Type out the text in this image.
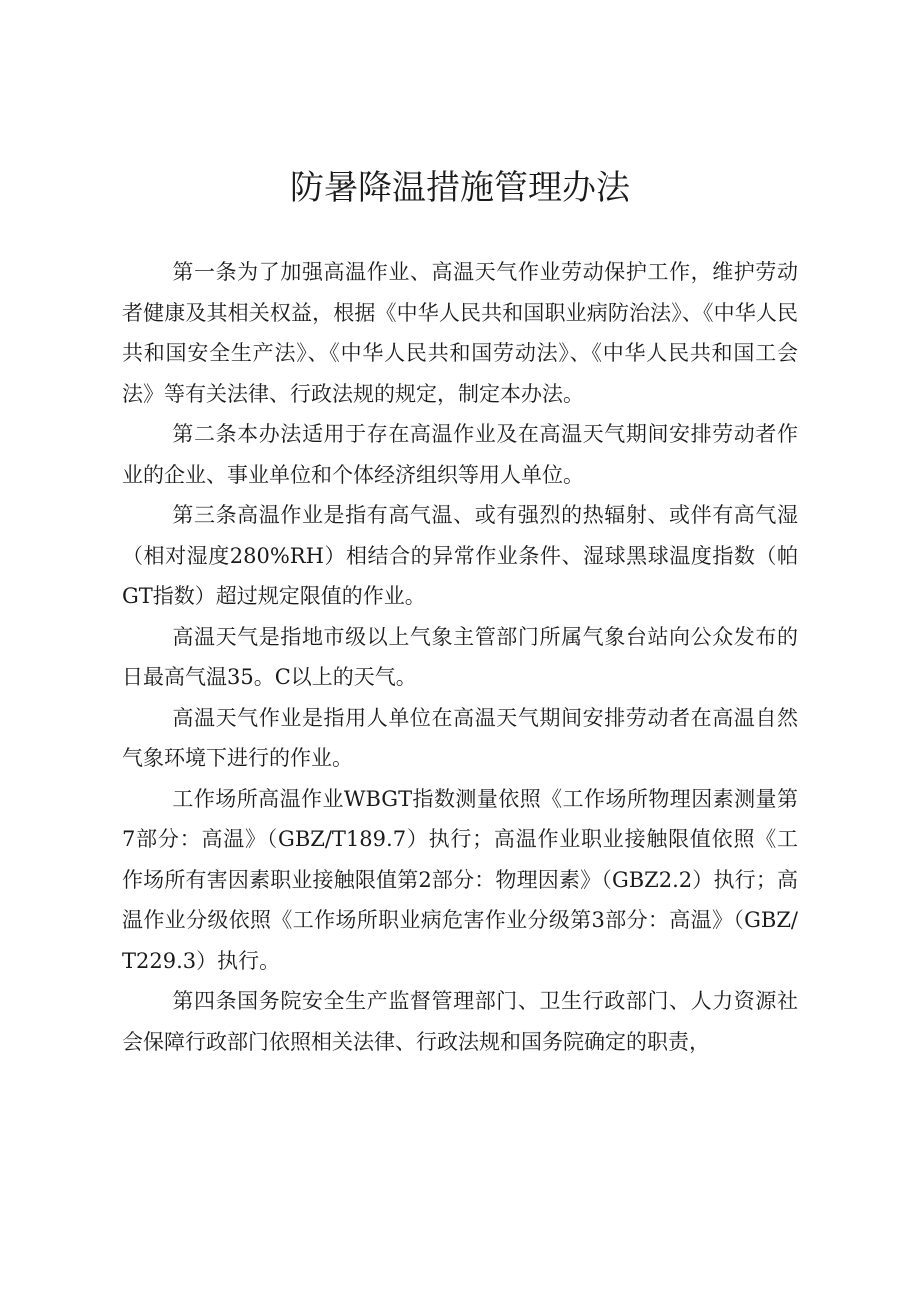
防暑降温措施管理办法

第一条为了加强高温作业、高温天气作业劳动保护工作，维护劳动者健康及其相关权益，根据《中华人民共和国职业病防治法》、《中华人民共和国安全生产法》、《中华人民共和国劳动法》、《中华人民共和国工会法》等有关法律、行政法规的规定，制定本办法。

第二条本办法适用于存在高温作业及在高温天气期间安排劳动者作业的企业、事业单位和个体经济组织等用人单位。

第三条高温作业是指有高气温、或有强烈的热辐射、或伴有高气湿（相对湿度280%RH）相结合的异常作业条件、湿球黑球温度指数（帕GT指数）超过规定限值的作业。

高温天气是指地市级以上气象主管部门所属气象台站向公众发布的日最高气温35。C以上的天气。

高温天气作业是指用人单位在高温天气期间安排劳动者在高温自然气象环境下进行的作业。

工作场所高温作业WBGT指数测量依照《工作场所物理因素测量第7部分：高温》（GBZ/T189.7）执行；高温作业职业接触限值依照《工作场所有害因素职业接触限值第2部分：物理因素》（GBZ2.2）执行；高温作业分级依照《工作场所职业病危害作业分级第3部分：高温》（GBZ/T229.3）执行。

第四条国务院安全生产监督管理部门、卫生行政部门、人力资源社会保障行政部门依照相关法律、行政法规和国务院确定的职责，
